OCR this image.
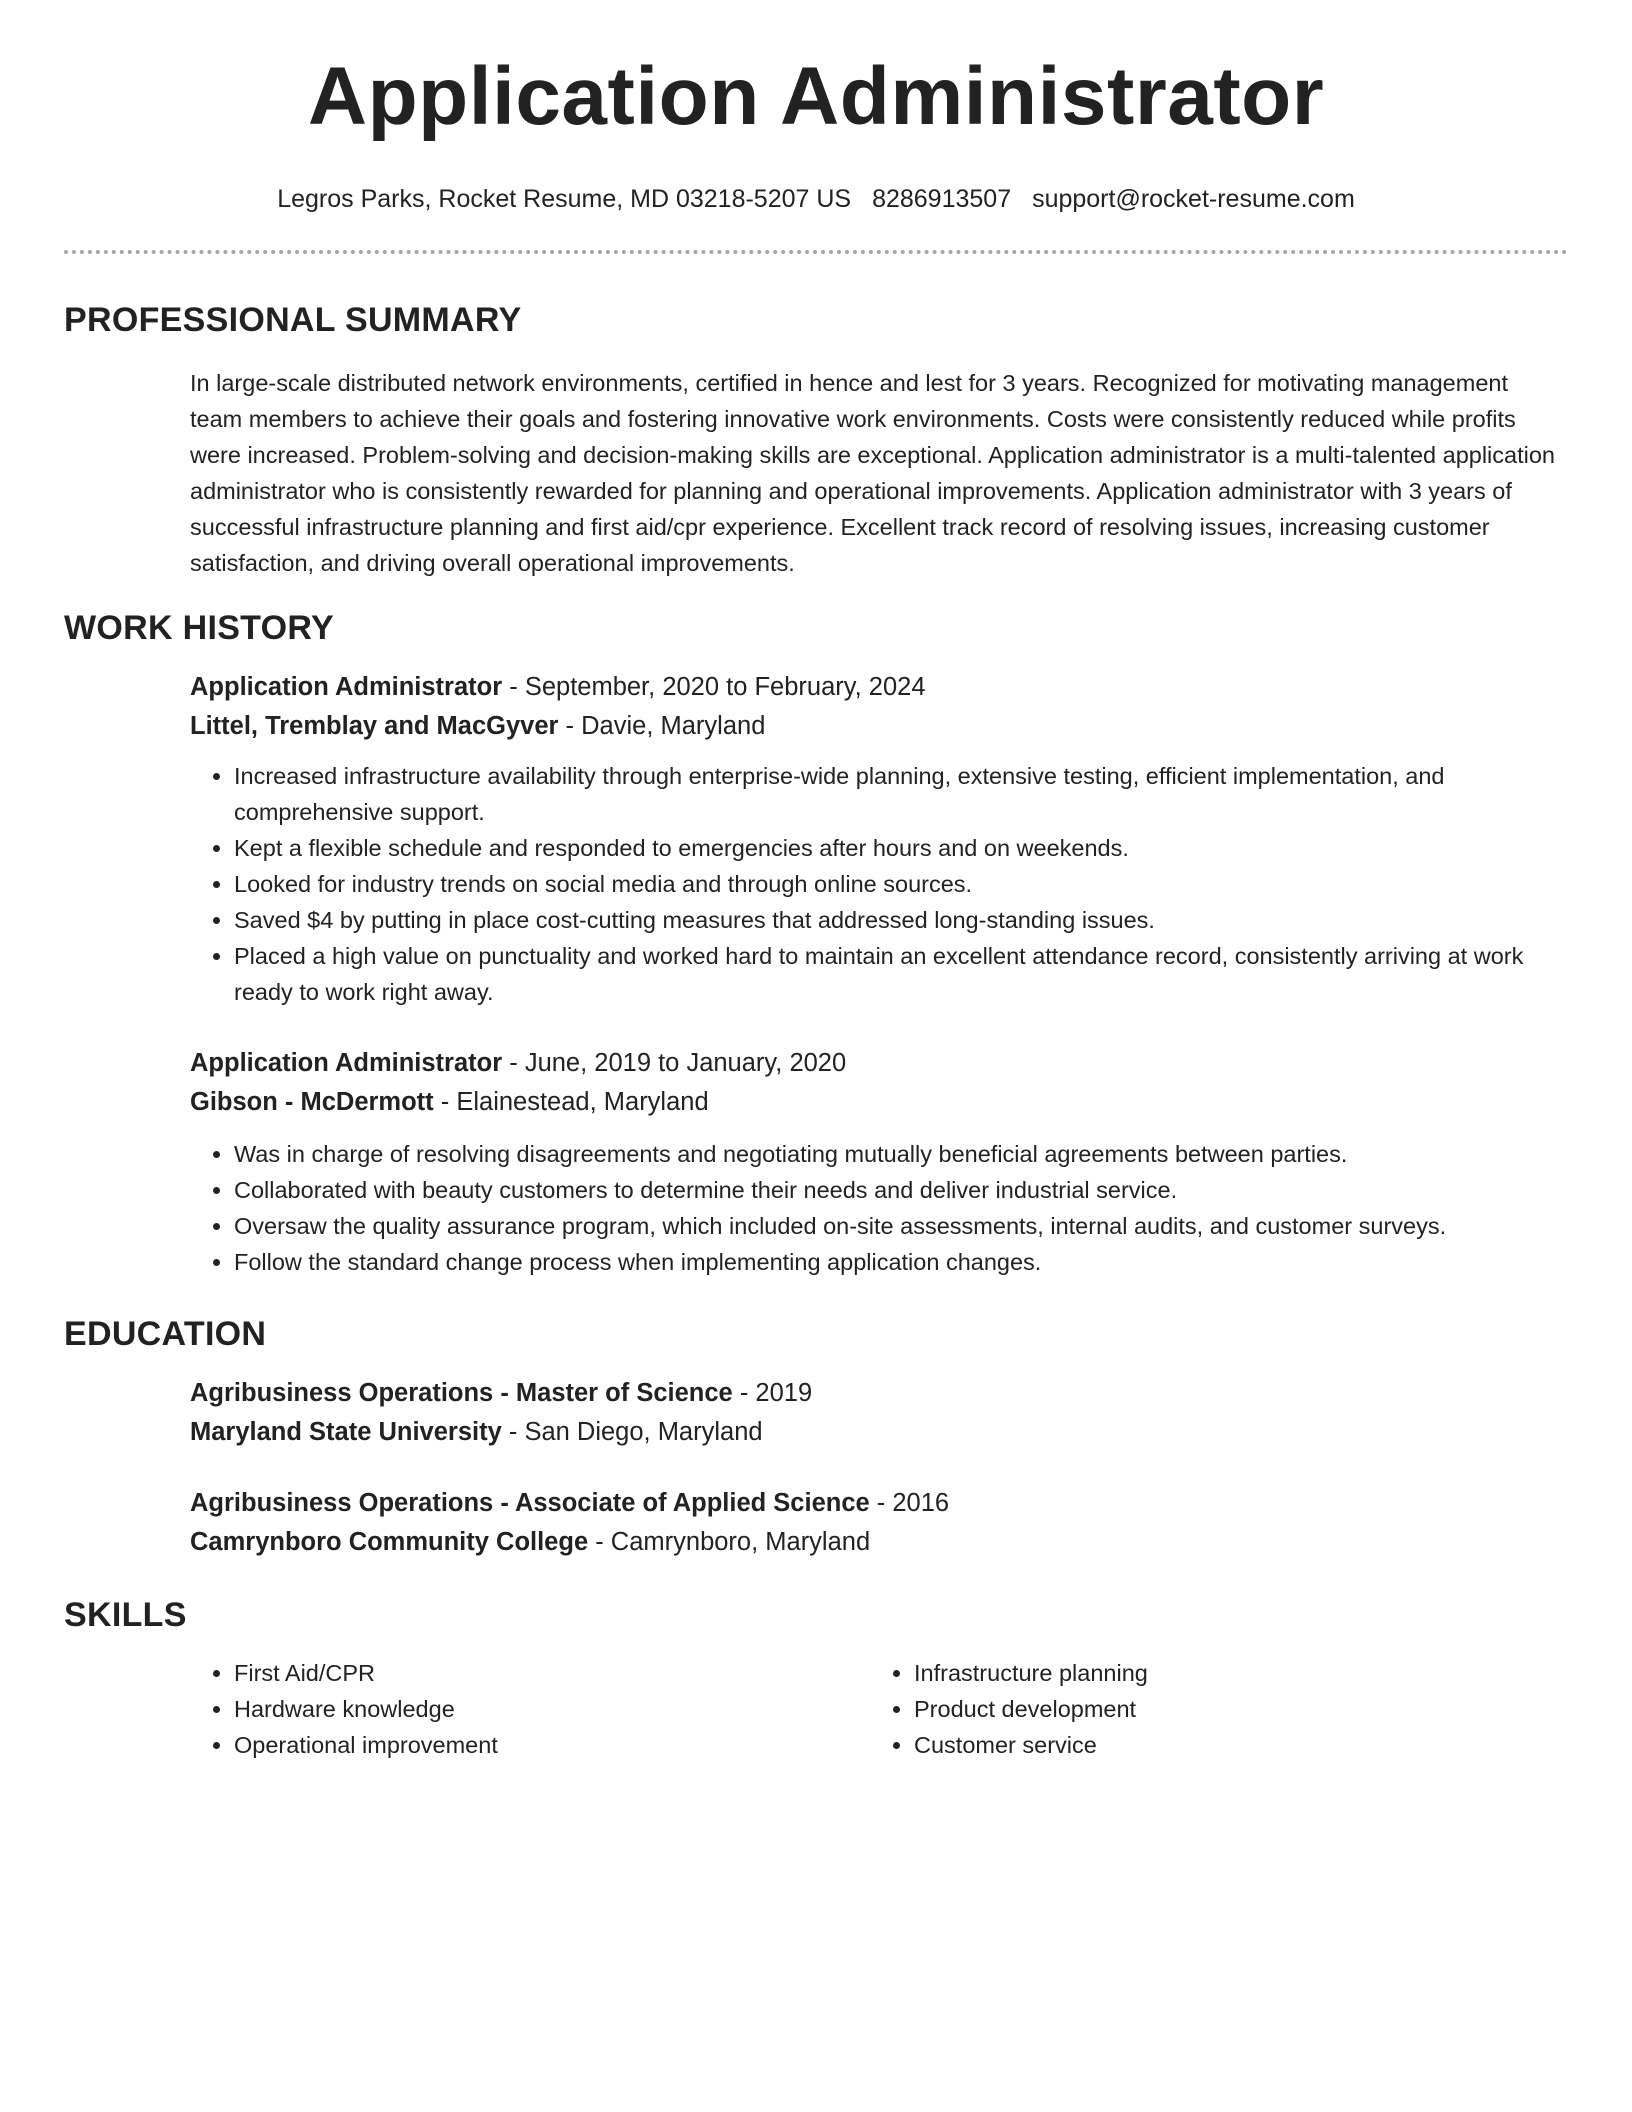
Application Administrator
Legros Parks, Rocket Resume, MD 03218-5207 US 8286913507 support@rocket-resume.com
PROFESSIONAL SUMMARY
In large-scale distributed network environments, certified in hence and lest for 3 years. Recognized for motivating management team members to achieve their goals and fostering innovative work environments. Costs were consistently reduced while profits were increased. Problem-solving and decision-making skills are exceptional. Application administrator is a multi-talented application administrator who is consistently rewarded for planning and operational improvements. Application administrator with 3 years of successful infrastructure planning and first aid/cpr experience. Excellent track record of resolving issues, increasing customer satisfaction, and driving overall operational improvements.
WORK HISTORY
Application Administrator - September, 2020 to February, 2024
Littel, Tremblay and MacGyver - Davie, Maryland
• Increased infrastructure availability through enterprise-wide planning, extensive testing, efficient implementation, and comprehensive support.
• Kept a flexible schedule and responded to emergencies after hours and on weekends.
• Looked for industry trends on social media and through online sources.
• Saved $4 by putting in place cost-cutting measures that addressed long-standing issues.
• Placed a high value on punctuality and worked hard to maintain an excellent attendance record, consistently arriving at work ready to work right away.
Application Administrator - June, 2019 to January, 2020
Gibson - McDermott - Elainestead, Maryland
• Was in charge of resolving disagreements and negotiating mutually beneficial agreements between parties.
• Collaborated with beauty customers to determine their needs and deliver industrial service.
• Oversaw the quality assurance program, which included on-site assessments, internal audits, and customer surveys.
• Follow the standard change process when implementing application changes.
EDUCATION
Agribusiness Operations - Master of Science - 2019
Maryland State University - San Diego, Maryland
Agribusiness Operations - Associate of Applied Science - 2016
Camrynboro Community College - Camrynboro, Maryland
SKILLS
• First Aid/CPR
• Hardware knowledge
• Operational improvement
• Infrastructure planning
• Product development
• Customer service
